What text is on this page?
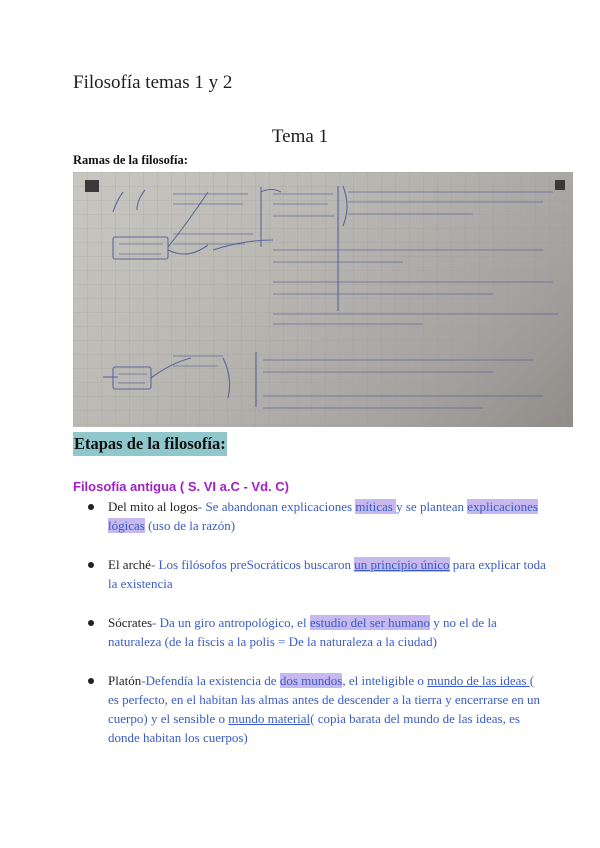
Filosofía temas 1 y 2
Tema 1
Ramas de la filosofía:
Etapas de la filosofía:
Filosofía antigua ( S. VI a.C - Vd. C)
Del mito al logos- Se abandonan explicaciones míticas y se plantean explicaciones lógicas (uso de la razón)
El arché- Los filósofos preSocráticos buscaron un principio único para explicar toda la existencia
Sócrates- Da un giro antropológico, el estudio del ser humano y no el de la naturaleza (de la fiscis a la polis = De la naturaleza a la ciudad)
Platón-Defendía la existencia de dos mundos, el inteligible o mundo de las ideas ( es perfecto, en el habitan las almas antes de descender a la tierra y encerrarse en un cuerpo) y el sensible o mundo material( copia barata del mundo de las ideas, es donde habitan los cuerpos)
